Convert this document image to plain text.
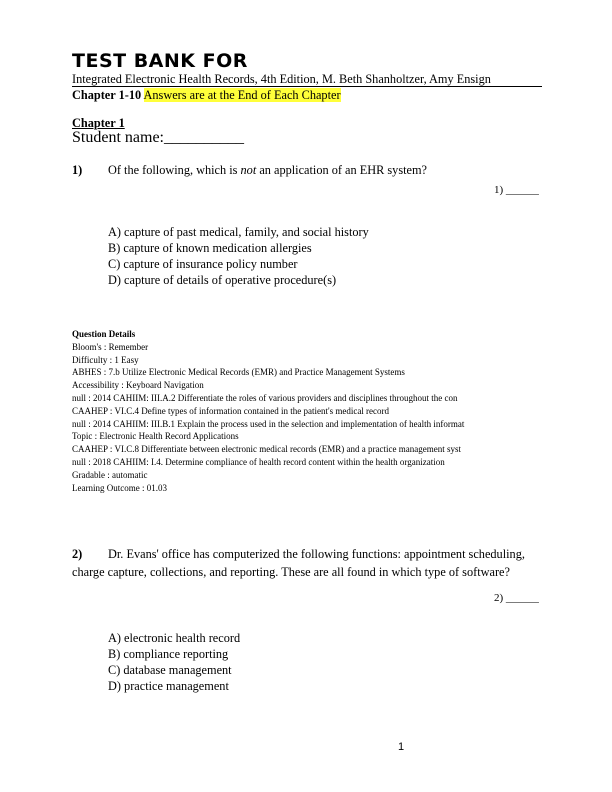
TEST BANK FOR
Integrated Electronic Health Records, 4th Edition, M. Beth Shanholtzer, Amy Ensign
Chapter 1-10 Answers are at the End of Each Chapter
Chapter 1
Student name:__________
1) Of the following, which is not an application of an EHR system?
1) ______
A) capture of past medical, family, and social history
B) capture of known medication allergies
C) capture of insurance policy number
D) capture of details of operative procedure(s)
Question Details
Bloom's : Remember
Difficulty : 1 Easy
ABHES : 7.b Utilize Electronic Medical Records (EMR) and Practice Management Systems
Accessibility : Keyboard Navigation
null : 2014 CAHIIM: III.A.2 Differentiate the roles of various providers and disciplines throughout the con
CAAHEP : VI.C.4 Define types of information contained in the patient's medical record
null : 2014 CAHIIM: III.B.1 Explain the process used in the selection and implementation of health informat
Topic : Electronic Health Record Applications
CAAHEP : VI.C.8 Differentiate between electronic medical records (EMR) and a practice management syst
null : 2018 CAHIIM: I.4. Determine compliance of health record content within the health organization
Gradable : automatic
Learning Outcome : 01.03
2) Dr. Evans' office has computerized the following functions: appointment scheduling,
charge capture, collections, and reporting. These are all found in which type of software?
2) ______
A) electronic health record
B) compliance reporting
C) database management
D) practice management
1
